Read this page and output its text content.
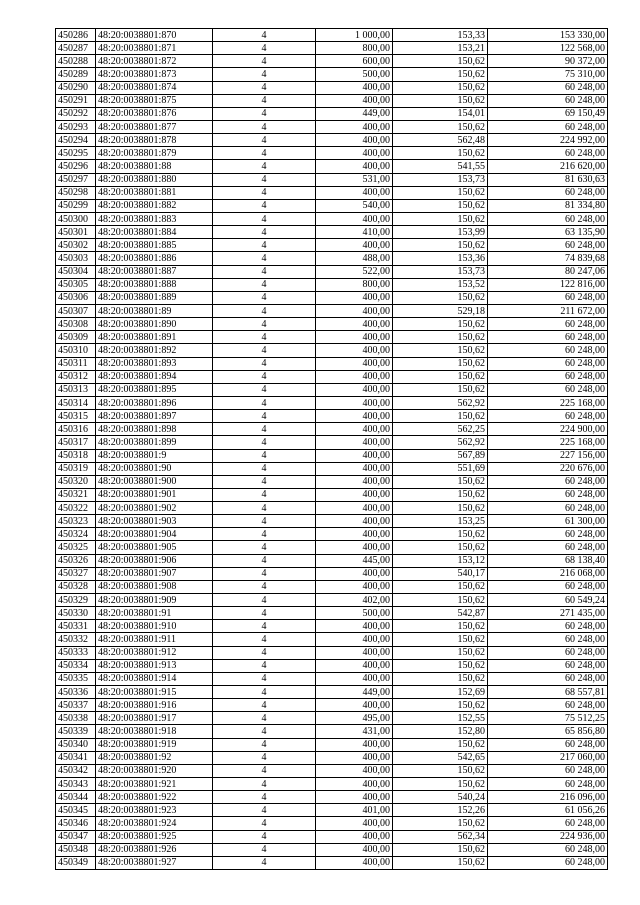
450286	48:20:0038801:870	4	1 000,00	153,33	153 330,00
450287	48:20:0038801:871	4	800,00	153,21	122 568,00
450288	48:20:0038801:872	4	600,00	150,62	90 372,00
450289	48:20:0038801:873	4	500,00	150,62	75 310,00
450290	48:20:0038801:874	4	400,00	150,62	60 248,00
450291	48:20:0038801:875	4	400,00	150,62	60 248,00
450292	48:20:0038801:876	4	449,00	154,01	69 150,49
450293	48:20:0038801:877	4	400,00	150,62	60 248,00
450294	48:20:0038801:878	4	400,00	562,48	224 992,00
450295	48:20:0038801:879	4	400,00	150,62	60 248,00
450296	48:20:0038801:88	4	400,00	541,55	216 620,00
450297	48:20:0038801:880	4	531,00	153,73	81 630,63
450298	48:20:0038801:881	4	400,00	150,62	60 248,00
450299	48:20:0038801:882	4	540,00	150,62	81 334,80
450300	48:20:0038801:883	4	400,00	150,62	60 248,00
450301	48:20:0038801:884	4	410,00	153,99	63 135,90
450302	48:20:0038801:885	4	400,00	150,62	60 248,00
450303	48:20:0038801:886	4	488,00	153,36	74 839,68
450304	48:20:0038801:887	4	522,00	153,73	80 247,06
450305	48:20:0038801:888	4	800,00	153,52	122 816,00
450306	48:20:0038801:889	4	400,00	150,62	60 248,00
450307	48:20:0038801:89	4	400,00	529,18	211 672,00
450308	48:20:0038801:890	4	400,00	150,62	60 248,00
450309	48:20:0038801:891	4	400,00	150,62	60 248,00
450310	48:20:0038801:892	4	400,00	150,62	60 248,00
450311	48:20:0038801:893	4	400,00	150,62	60 248,00
450312	48:20:0038801:894	4	400,00	150,62	60 248,00
450313	48:20:0038801:895	4	400,00	150,62	60 248,00
450314	48:20:0038801:896	4	400,00	562,92	225 168,00
450315	48:20:0038801:897	4	400,00	150,62	60 248,00
450316	48:20:0038801:898	4	400,00	562,25	224 900,00
450317	48:20:0038801:899	4	400,00	562,92	225 168,00
450318	48:20:0038801:9	4	400,00	567,89	227 156,00
450319	48:20:0038801:90	4	400,00	551,69	220 676,00
450320	48:20:0038801:900	4	400,00	150,62	60 248,00
450321	48:20:0038801:901	4	400,00	150,62	60 248,00
450322	48:20:0038801:902	4	400,00	150,62	60 248,00
450323	48:20:0038801:903	4	400,00	153,25	61 300,00
450324	48:20:0038801:904	4	400,00	150,62	60 248,00
450325	48:20:0038801:905	4	400,00	150,62	60 248,00
450326	48:20:0038801:906	4	445,00	153,12	68 138,40
450327	48:20:0038801:907	4	400,00	540,17	216 068,00
450328	48:20:0038801:908	4	400,00	150,62	60 248,00
450329	48:20:0038801:909	4	402,00	150,62	60 549,24
450330	48:20:0038801:91	4	500,00	542,87	271 435,00
450331	48:20:0038801:910	4	400,00	150,62	60 248,00
450332	48:20:0038801:911	4	400,00	150,62	60 248,00
450333	48:20:0038801:912	4	400,00	150,62	60 248,00
450334	48:20:0038801:913	4	400,00	150,62	60 248,00
450335	48:20:0038801:914	4	400,00	150,62	60 248,00
450336	48:20:0038801:915	4	449,00	152,69	68 557,81
450337	48:20:0038801:916	4	400,00	150,62	60 248,00
450338	48:20:0038801:917	4	495,00	152,55	75 512,25
450339	48:20:0038801:918	4	431,00	152,80	65 856,80
450340	48:20:0038801:919	4	400,00	150,62	60 248,00
450341	48:20:0038801:92	4	400,00	542,65	217 060,00
450342	48:20:0038801:920	4	400,00	150,62	60 248,00
450343	48:20:0038801:921	4	400,00	150,62	60 248,00
450344	48:20:0038801:922	4	400,00	540,24	216 096,00
450345	48:20:0038801:923	4	401,00	152,26	61 056,26
450346	48:20:0038801:924	4	400,00	150,62	60 248,00
450347	48:20:0038801:925	4	400,00	562,34	224 936,00
450348	48:20:0038801:926	4	400,00	150,62	60 248,00
450349	48:20:0038801:927	4	400,00	150,62	60 248,00
